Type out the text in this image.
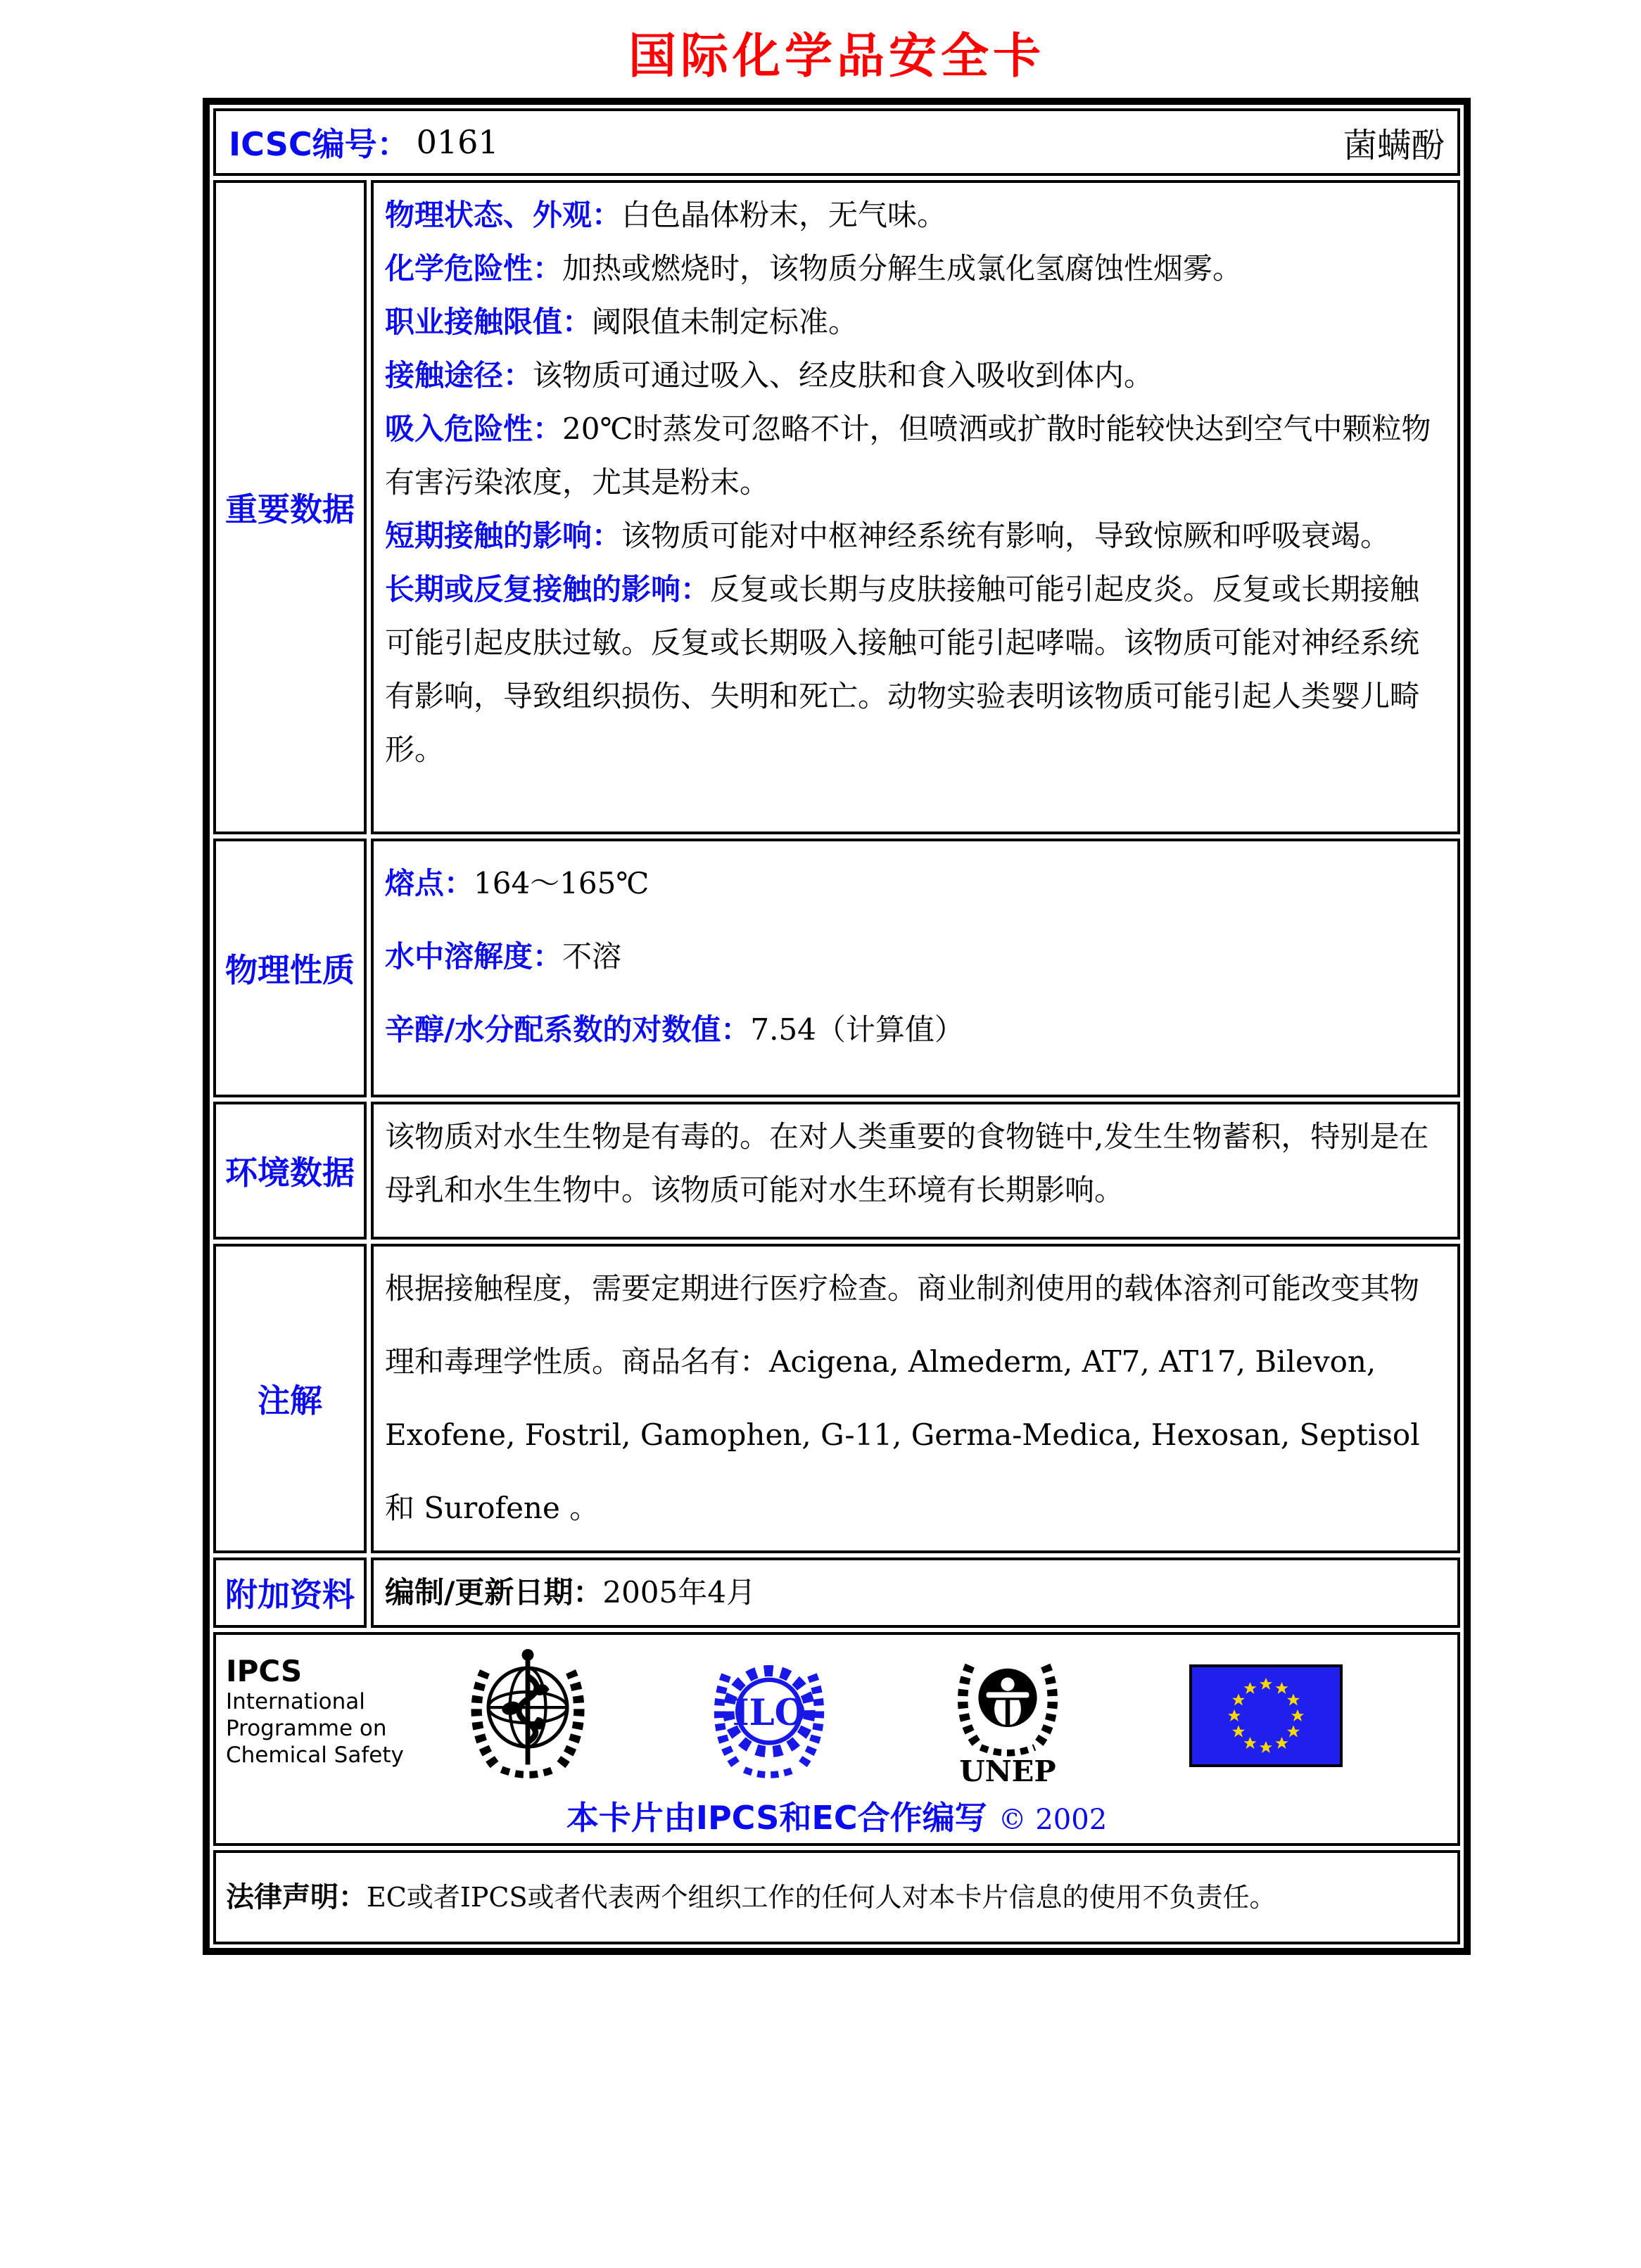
国际化学品安全卡
ICSC编号： 0161	菌螨酚
重要数据

物理状态、外观：白色晶体粉末，无气味。

化学危险性：加热或燃烧时，该物质分解生成氯化氢腐蚀性烟雾。

职业接触限值：阈限值未制定标准。

接触途径：该物质可通过吸入、经皮肤和食入吸收到体内。

吸入危险性：20℃时蒸发可忽略不计，但喷洒或扩散时能较快达到空气中颗粒物有害污染浓度，尤其是粉末。

短期接触的影响：该物质可能对中枢神经系统有影响，导致惊厥和呼吸衰竭。

长期或反复接触的影响：反复或长期与皮肤接触可能引起皮炎。反复或长期接触可能引起皮肤过敏。反复或长期吸入接触可能引起哮喘。该物质可能对神经系统有影响，导致组织损伤、失明和死亡。动物实验表明该物质可能引起人类婴儿畸形。

物理性质

熔点：164～165℃

水中溶解度：不溶

辛醇/水分配系数的对数值：7.54（计算值）

环境数据

该物质对水生生物是有毒的。在对人类重要的食物链中,发生生物蓄积，特别是在母乳和水生生物中。该物质可能对水生环境有长期影响。

注解

根据接触程度，需要定期进行医疗检查。商业制剂使用的载体溶剂可能改变其物理和毒理学性质。商品名有：Acigena, Almederm, AT7, AT17, Bilevon, Exofene, Fostril, Gamophen, G-11, Germa-Medica, Hexosan, Septisol和 Surofene 。

附加资料 编制/更新日期：2005年4月

IPCS
International
Programme on
Chemical Safety
ILO
UNEP
本卡片由IPCS和EC合作编写 © 2002

法律声明：EC或者IPCS或者代表两个组织工作的任何人对本卡片信息的使用不负责任。
